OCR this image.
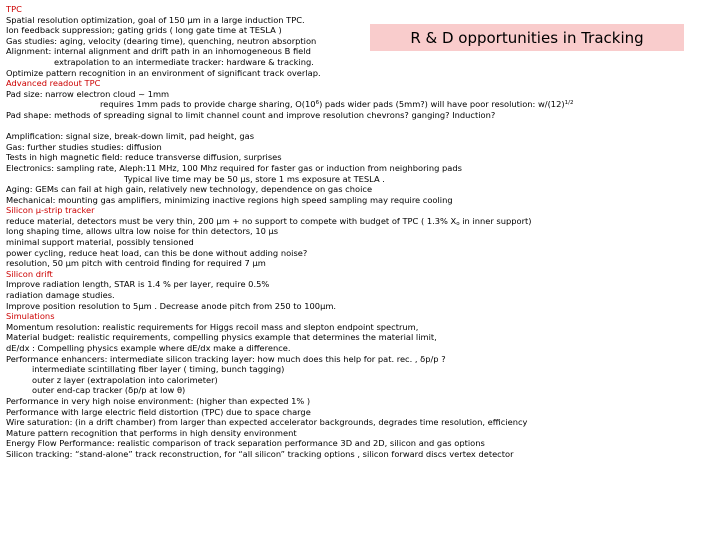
R & D opportunities in Tracking
TPC
Spatial resolution optimization, goal of 150 µm in a large induction TPC.
Ion feedback suppression; gating grids ( long gate time at TESLA )
Gas studies: aging, velocity (dearing time), quenching, neutron absorption
Alignment: internal alignment and drift path in an inhomogeneous B field
extrapolation to an intermediate tracker: hardware & tracking.
Optimize pattern recognition in an environment of significant track overlap.
Advanced readout TPC
Pad size: narrow electron cloud ~ 1mm
requires 1mm pads to provide charge sharing, $O(10^6)$ pads wider pads (5mm?) will have poor resolution: $w/(12)^{1/2}$
Pad shape: methods of spreading signal to limit channel count and improve resolution chevrons? ganging? Induction?
Amplification: signal size, break-down limit, pad height, gas
Gas: further studies studies: diffusion
Tests in high magnetic field: reduce transverse diffusion, surprises
Electronics: sampling rate, Aleph:11 MHz, 100 Mhz required for faster gas or induction from neighboring pads
Typical live time may be 50 µs, store 1 ms exposure at TESLA .
Aging: GEMs can fail at high gain, relatively new technology, dependence on gas choice
Mechanical: mounting gas amplifiers, minimizing inactive regions high speed sampling may require cooling
Silicon µ-strip tracker
reduce material, detectors must be very thin, 200 µm + no support to compete with budget of TPC ( 1.3% $X_o$ in inner support)
long shaping time, allows ultra low noise for thin detectors, 10 µs
minimal support material, possibly tensioned
power cycling, reduce heat load, can this be done without adding noise?
resolution, 50 µm pitch with centroid finding for required 7 µm
Silicon drift
Improve radiation length, STAR is 1.4 % per layer, require 0.5%
radiation damage studies.
Improve position resolution to 5µm . Decrease anode pitch from 250 to 100µm.
Simulations
Momentum resolution: realistic requirements for Higgs recoil mass and slepton endpoint spectrum,
Material budget: realistic requirements, compelling physics example that determines the material limit,
dE/dx : Compelling physics example where dE/dx make a difference.
Performance enhancers: intermediate silicon tracking layer: how much does this help for pat. rec. , δp/p ?
intermediate scintillating fiber layer ( timing, bunch tagging)
outer z layer (extrapolation into calorimeter)
outer end-cap tracker (δp/p at low θ)
Performance in very high noise environment: (higher than expected 1% )
Performance with large electric field distortion (TPC) due to space charge
Wire saturation: (in a drift chamber) from larger than expected accelerator backgrounds, degrades time resolution, efficiency
Mature pattern recognition that performs in high density environment
Energy Flow Performance: realistic comparison of track separation performance 3D and 2D, silicon and gas options
Silicon tracking: “stand-alone” track reconstruction, for “all silicon” tracking options , silicon forward discs vertex detector
